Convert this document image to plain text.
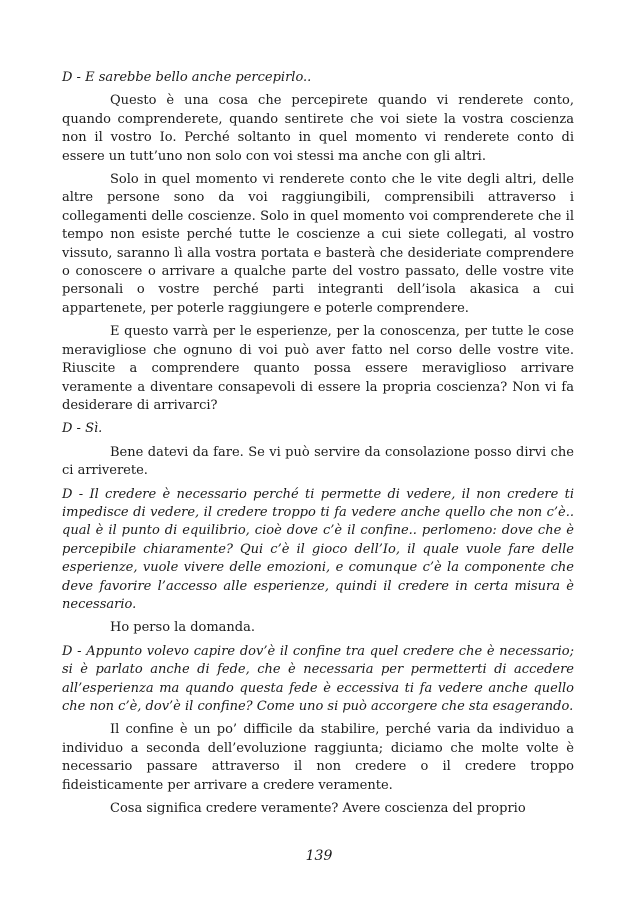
D - E sarebbe bello anche percepirlo..

Questo è una cosa che percepirete quando vi renderete conto, quando comprenderete, quando sentirete che voi siete la vostra coscienza non il vostro Io. Perché soltanto in quel momento vi renderete conto di essere un tutt’uno non solo con voi stessi ma anche con gli altri.

Solo in quel momento vi renderete conto che le vite degli altri, delle altre persone sono da voi raggiungibili, comprensibili attraverso i collegamenti delle coscienze. Solo in quel momento voi comprenderete che il tempo non esiste perché tutte le coscienze a cui siete collegati, al vostro vissuto, saranno lì alla vostra portata e basterà che desideriate comprendere o conoscere o arrivare a qualche parte del vostro passato, delle vostre vite personali o vostre perché parti integranti dell’isola akasica a cui appartenete, per poterle raggiungere e poterle comprendere.

E questo varrà per le esperienze, per la conoscenza, per tutte le cose meravigliose che ognuno di voi può aver fatto nel corso delle vostre vite. Riuscite a comprendere quanto possa essere meraviglioso arrivare veramente a diventare consapevoli di essere la propria coscienza? Non vi fa desiderare di arrivarci?

D - Sì.

Bene datevi da fare. Se vi può servire da consolazione posso dirvi che ci arriverete.

D - Il credere è necessario perché ti permette di vedere, il non credere ti impedisce di vedere, il credere troppo ti fa vedere anche quello che non c’è.. qual è il punto di equilibrio, cioè dove c’è il confine.. perlomeno: dove che è percepibile chiaramente? Qui c’è il gioco dell’Io, il quale vuole fare delle esperienze, vuole vivere delle emozioni, e comunque c’è la componente che deve favorire l’accesso alle esperienze, quindi il credere in certa misura è necessario.

Ho perso la domanda.

D - Appunto volevo capire dov’è il confine tra quel credere che è necessario; si è parlato anche di fede, che è necessaria per permetterti di accedere all’esperienza ma quando questa fede è eccessiva ti fa vedere anche quello che non c’è, dov’è il confine? Come uno si può accorgere che sta esagerando.

Il confine è un po’ difficile da stabilire, perché varia da individuo a individuo a seconda dell’evoluzione raggiunta; diciamo che molte volte è necessario passare attraverso il non credere o il credere troppo fideisticamente per arrivare a credere veramente.

Cosa significa credere veramente? Avere coscienza del proprio

139
